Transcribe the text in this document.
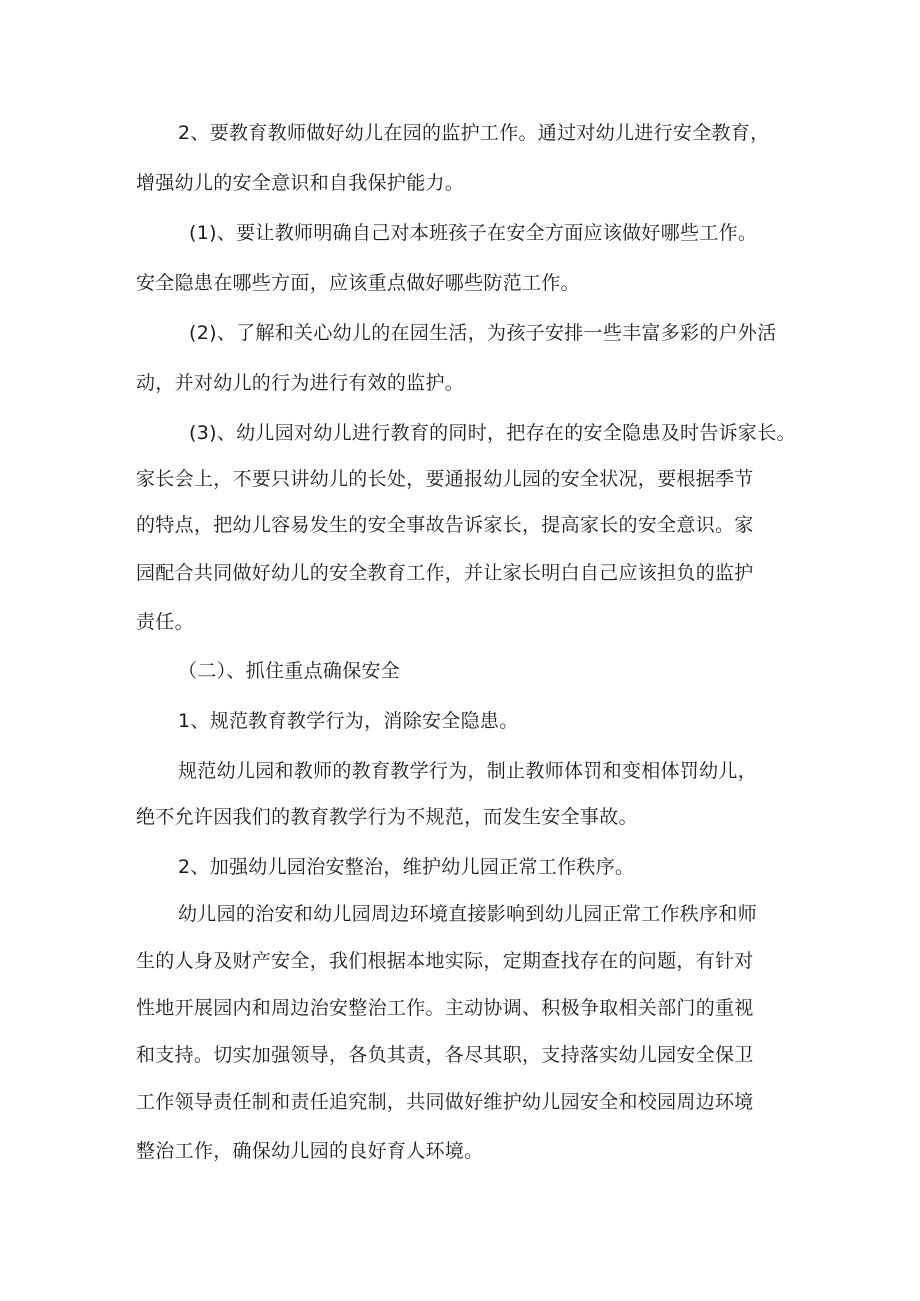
2、要教育教师做好幼儿在园的监护工作。通过对幼儿进行安全教育，
增强幼儿的安全意识和自我保护能力。
(1)、要让教师明确自己对本班孩子在安全方面应该做好哪些工作。
安全隐患在哪些方面，应该重点做好哪些防范工作。
(2)、了解和关心幼儿的在园生活，为孩子安排一些丰富多彩的户外活
动，并对幼儿的行为进行有效的监护。
(3)、幼儿园对幼儿进行教育的同时，把存在的安全隐患及时告诉家长。
家长会上，不要只讲幼儿的长处，要通报幼儿园的安全状况，要根据季节
的特点，把幼儿容易发生的安全事故告诉家长，提高家长的安全意识。家
园配合共同做好幼儿的安全教育工作，并让家长明白自己应该担负的监护
责任。
（二）、抓住重点确保安全
1、规范教育教学行为，消除安全隐患。
规范幼儿园和教师的教育教学行为，制止教师体罚和变相体罚幼儿，
绝不允许因我们的教育教学行为不规范，而发生安全事故。
2、加强幼儿园治安整治，维护幼儿园正常工作秩序。
幼儿园的治安和幼儿园周边环境直接影响到幼儿园正常工作秩序和师
生的人身及财产安全，我们根据本地实际，定期查找存在的问题，有针对
性地开展园内和周边治安整治工作。主动协调、积极争取相关部门的重视
和支持。切实加强领导，各负其责，各尽其职，支持落实幼儿园安全保卫
工作领导责任制和责任追究制，共同做好维护幼儿园安全和校园周边环境
整治工作，确保幼儿园的良好育人环境。
